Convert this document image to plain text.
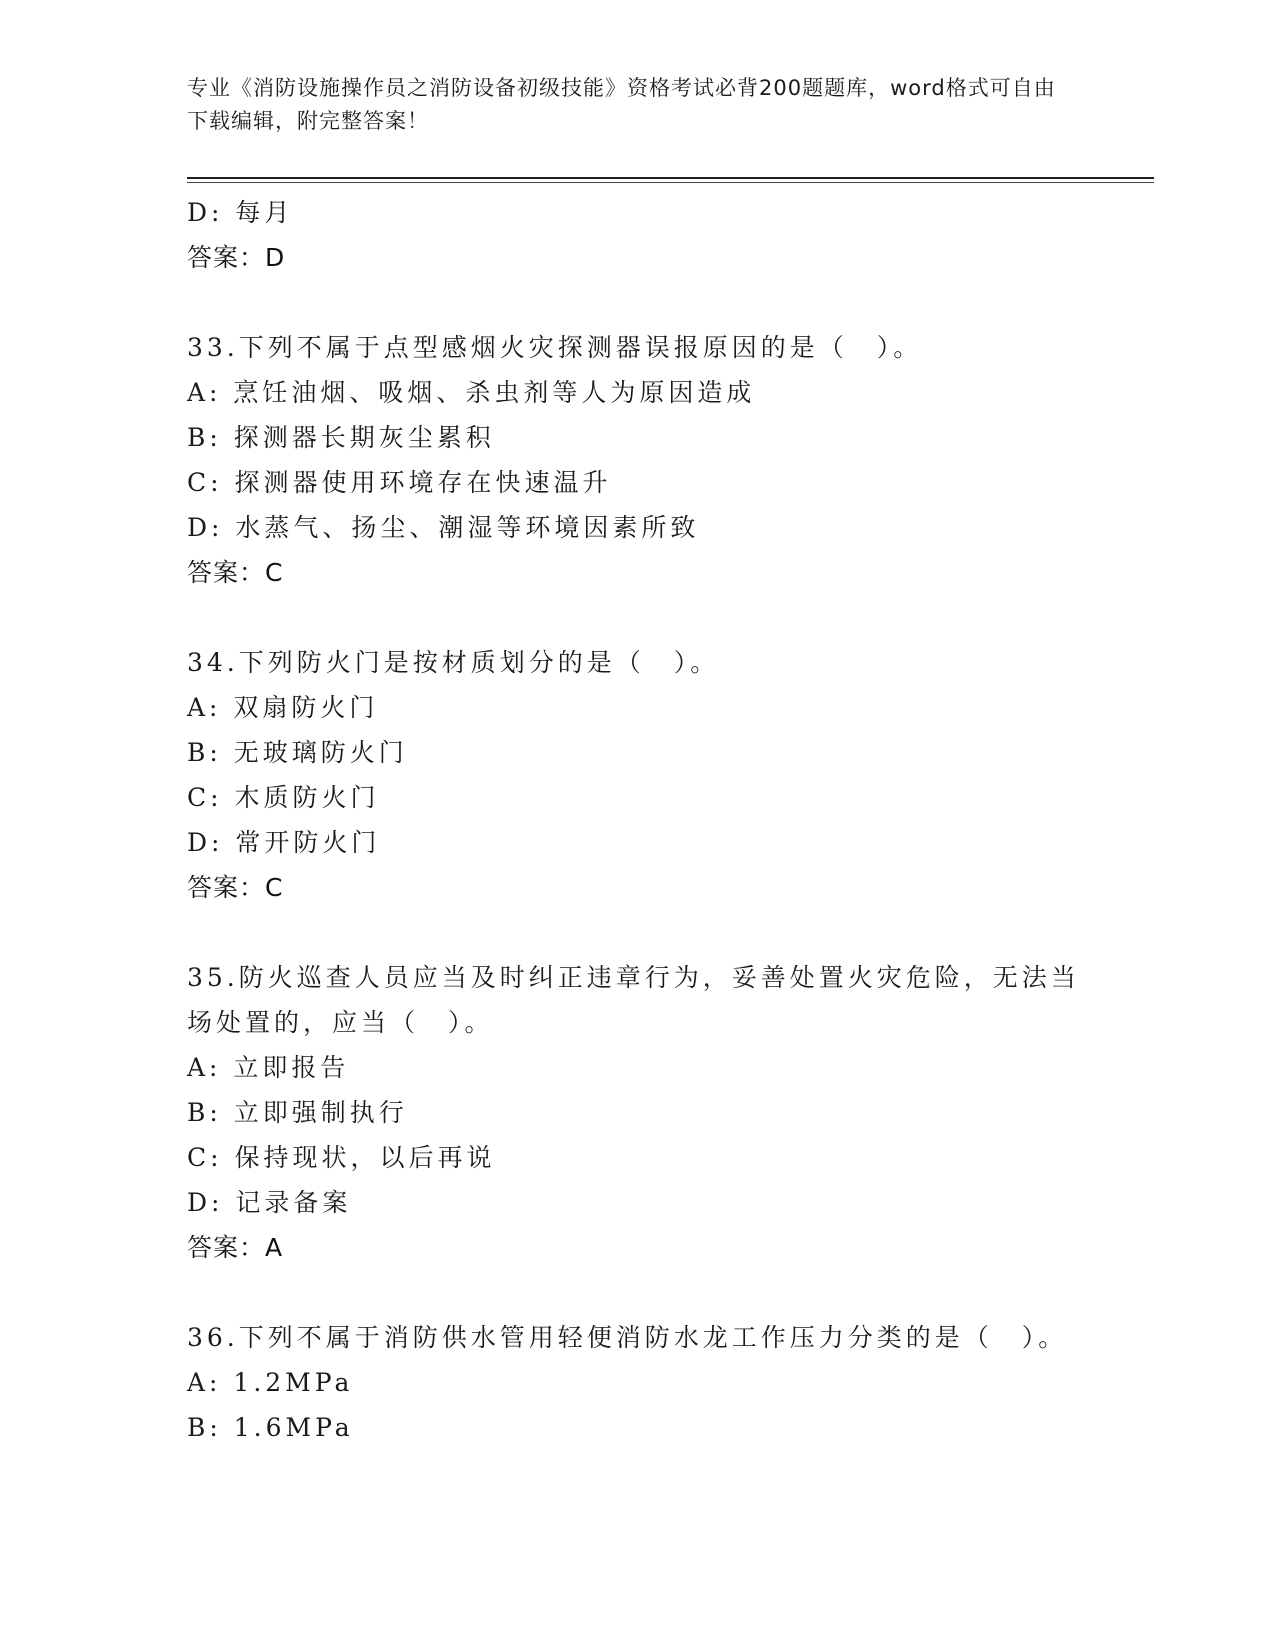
专业《消防设施操作员之消防设备初级技能》资格考试必背200题题库，word格式可自由下载编辑，附完整答案！
D: 每月
答案：D
33.下列不属于点型感烟火灾探测器误报原因的是（　）。
A: 烹饪油烟、吸烟、杀虫剂等人为原因造成
B: 探测器长期灰尘累积
C: 探测器使用环境存在快速温升
D: 水蒸气、扬尘、潮湿等环境因素所致
答案：C
34.下列防火门是按材质划分的是（　）。
A: 双扇防火门
B: 无玻璃防火门
C: 木质防火门
D: 常开防火门
答案：C
35.防火巡查人员应当及时纠正违章行为，妥善处置火灾危险，无法当场处置的，应当（　）。
A: 立即报告
B: 立即强制执行
C: 保持现状，以后再说
D: 记录备案
答案：A
36.下列不属于消防供水管用轻便消防水龙工作压力分类的是（　）。
A: 1.2MPa
B: 1.6MPa
